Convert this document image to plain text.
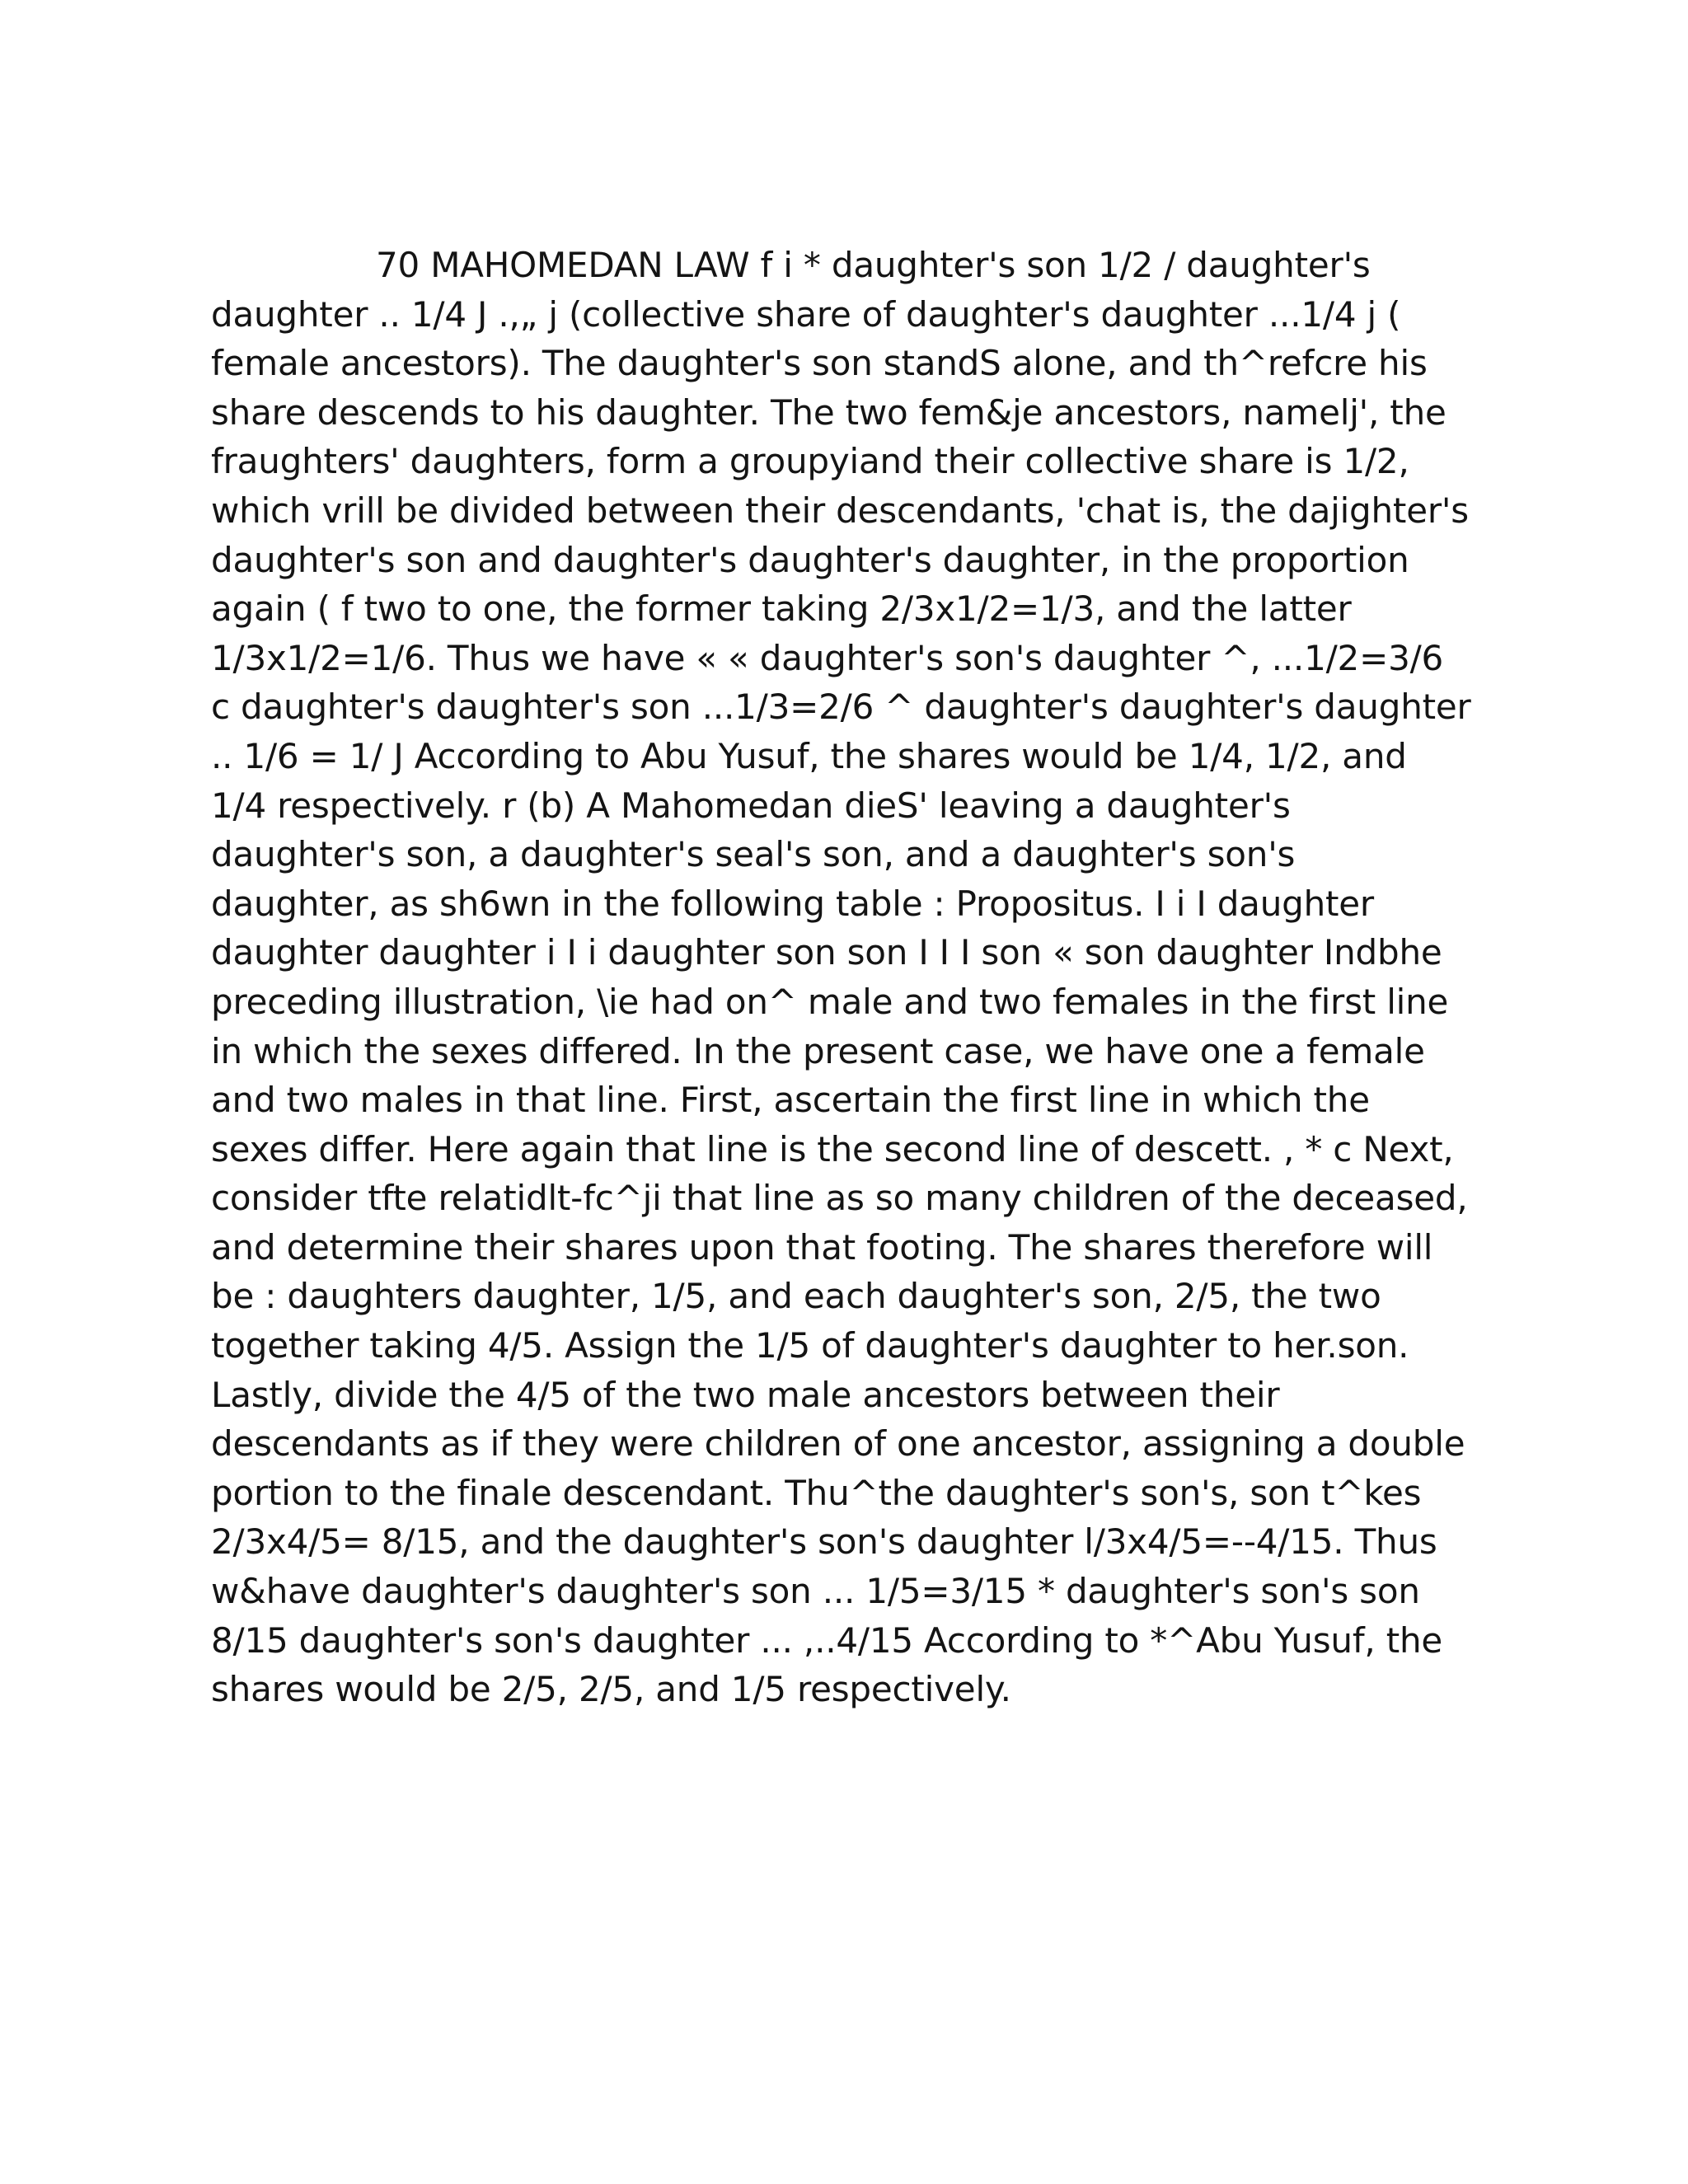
70 MAHOMEDAN LAW f i * daughter's son 1/2 / daughter's daughter .. 1/4 J .,„ j (collective share of daughter's daughter ...1/4 j ( female ancestors). The daughter's son standS alone, and th^refcre his share descends to his daughter. The two fem&je ancestors, namelj', the fraughters' daughters, form a groupyiand their collective share is 1/2, which vrill be divided between their descendants, 'chat is, the dajighter's daughter's son and daughter's daughter's daughter, in the proportion again ( f two to one, the former taking 2/3x1/2=1/3, and the latter 1/3x1/2=1/6. Thus we have « « daughter's son's daughter ^, ...1/2=3/6 c daughter's daughter's son ...1/3=2/6 ^ daughter's daughter's daughter .. 1/6 = 1/ J According to Abu Yusuf, the shares would be 1/4, 1/2, and 1/4 respectively. r (b) A Mahomedan dieS' leaving a daughter's daughter's son, a daughter's seal's son, and a daughter's son's daughter, as sh6wn in the following table : Propositus. I i I daughter daughter daughter i I i daughter son son I I I son « son daughter Indbhe preceding illustration, \ie had on^ male and two females in the first line in which the sexes differed. In the present case, we have one a female and two males in that line. First, ascertain the first line in which the sexes differ. Here again that line is the second line of descett. , * c Next, consider tfte relatidlt-fc^ji that line as so many children of the deceased, and determine their shares upon that footing. The shares therefore will be : daughters daughter, 1/5, and each daughter's son, 2/5, the two together taking 4/5. Assign the 1/5 of daughter's daughter to her.son. Lastly, divide the 4/5 of the two male ancestors between their descendants as if they were children of one ancestor, assigning a double portion to the finale descendant. Thu^the daughter's son's, son t^kes 2/3x4/5= 8/15, and the daughter's son's daughter l/3x4/5=--4/15. Thus w&have daughter's daughter's son ... 1/5=3/15 * daughter's son's son 8/15 daughter's son's daughter ... ,..4/15 According to *^Abu Yusuf, the shares would be 2/5, 2/5, and 1/5 respectively.
